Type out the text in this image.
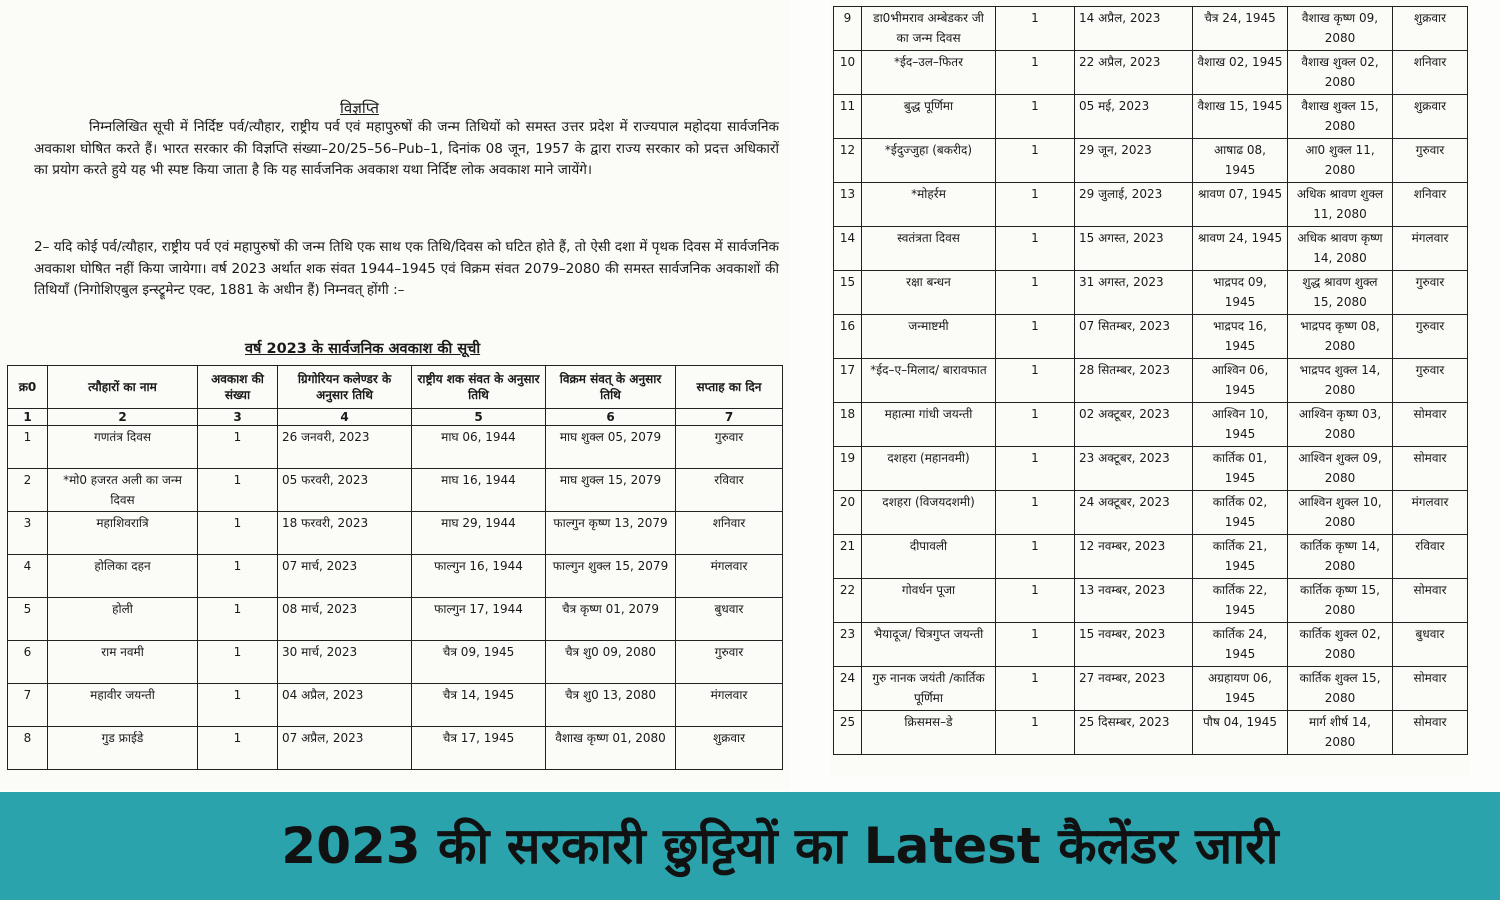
विज्ञप्ति
निम्नलिखित सूची में निर्दिष्ट पर्व/त्यौहार, राष्ट्रीय पर्व एवं महापुरुषों की जन्म तिथियों को समस्त उत्तर प्रदेश में राज्यपाल महोदया सार्वजनिक अवकाश घोषित करते हैं। भारत सरकार की विज्ञप्ति संख्या–20/25–56–Pub–1, दिनांक 08 जून, 1957 के द्वारा राज्य सरकार को प्रदत्त अधिकारों का प्रयोग करते हुये यह भी स्पष्ट किया जाता है कि यह सार्वजनिक अवकाश यथा निर्दिष्ट लोक अवकाश माने जायेंगे।
2– यदि कोई पर्व/त्यौहार, राष्ट्रीय पर्व एवं महापुरुषों की जन्म तिथि एक साथ एक तिथि/दिवस को घटित होते हैं, तो ऐसी दशा में पृथक दिवस में सार्वजनिक अवकाश घोषित नहीं किया जायेगा। वर्ष 2023 अर्थात शक संवत 1944–1945 एवं विक्रम संवत 2079–2080 की समस्त सार्वजनिक अवकाशों की तिथियाँ (निगोशिएबुल इन्स्ट्रूमेन्ट एक्ट, 1881 के अधीन हैं) निम्नवत् होंगी :–
वर्ष 2023 के सार्वजनिक अवकाश की सूची
क्र0	त्यौहारों का नाम	अवकाश की संख्या	ग्रिगोरियन कलेण्डर के अनुसार तिथि	राष्ट्रीय शक संवत के अनुसार तिथि	विक्रम संवत् के अनुसार तिथि	सप्ताह का दिन
1	2	3	4	5	6	7
1	गणतंत्र दिवस	1	26 जनवरी, 2023	माघ 06, 1944	माघ शुक्ल 05, 2079	गुरुवार
2	*मो0 हजरत अली का जन्म दिवस	1	05 फरवरी, 2023	माघ 16, 1944	माघ शुक्ल 15, 2079	रविवार
3	महाशिवरात्रि	1	18 फरवरी, 2023	माघ 29, 1944	फाल्गुन कृष्ण 13, 2079	शनिवार
4	होलिका दहन	1	07 मार्च, 2023	फाल्गुन 16, 1944	फाल्गुन शुक्ल 15, 2079	मंगलवार
5	होली	1	08 मार्च, 2023	फाल्गुन 17, 1944	चैत्र कृष्ण 01, 2079	बुधवार
6	राम नवमी	1	30 मार्च, 2023	चैत्र 09, 1945	चैत्र शु0 09, 2080	गुरुवार
7	महावीर जयन्ती	1	04 अप्रैल, 2023	चैत्र 14, 1945	चैत्र शु0 13, 2080	मंगलवार
8	गुड फ्राईडे	1	07 अप्रैल, 2023	चैत्र 17, 1945	वैशाख कृष्ण 01, 2080	शुक्रवार
9	डा0भीमराव अम्बेडकर जी का जन्म दिवस	1	14 अप्रैल, 2023	चैत्र 24, 1945	वैशाख कृष्ण 09, 2080	शुक्रवार
10	*ईद–उल–फितर	1	22 अप्रैल, 2023	वैशाख 02, 1945	वैशाख शुक्ल 02, 2080	शनिवार
11	बुद्ध पूर्णिमा	1	05 मई, 2023	वैशाख 15, 1945	वैशाख शुक्ल 15, 2080	शुक्रवार
12	*ईदुज्जुहा (बकरीद)	1	29 जून, 2023	आषाढ 08, 1945	आ0 शुक्ल 11, 2080	गुरुवार
13	*मोहर्रम	1	29 जुलाई, 2023	श्रावण 07, 1945	अधिक श्रावण शुक्ल 11, 2080	शनिवार
14	स्वतंत्रता दिवस	1	15 अगस्त, 2023	श्रावण 24, 1945	अधिक श्रावण कृष्ण 14, 2080	मंगलवार
15	रक्षा बन्धन	1	31 अगस्त, 2023	भाद्रपद 09, 1945	शुद्ध श्रावण शुक्ल 15, 2080	गुरुवार
16	जन्माष्टमी	1	07 सितम्बर, 2023	भाद्रपद 16, 1945	भाद्रपद कृष्ण 08, 2080	गुरुवार
17	*ईद–ए–मिलाद/ बारावफात	1	28 सितम्बर, 2023	आश्विन 06, 1945	भाद्रपद शुक्ल 14, 2080	गुरुवार
18	महात्मा गांधी जयन्ती	1	02 अक्टूबर, 2023	आश्विन 10, 1945	आश्विन कृष्ण 03, 2080	सोमवार
19	दशहरा (महानवमी)	1	23 अक्टूबर, 2023	कार्तिक 01, 1945	आश्विन शुक्ल 09, 2080	सोमवार
20	दशहरा (विजयदशमी)	1	24 अक्टूबर, 2023	कार्तिक 02, 1945	आश्विन शुक्ल 10, 2080	मंगलवार
21	दीपावली	1	12 नवम्बर, 2023	कार्तिक 21, 1945	कार्तिक कृष्ण 14, 2080	रविवार
22	गोवर्धन पूजा	1	13 नवम्बर, 2023	कार्तिक 22, 1945	कार्तिक कृष्ण 15, 2080	सोमवार
23	भैयादूज/ चित्रगुप्त जयन्ती	1	15 नवम्बर, 2023	कार्तिक 24, 1945	कार्तिक शुक्ल 02, 2080	बुधवार
24	गुरु नानक जयंती /कार्तिक पूर्णिमा	1	27 नवम्बर, 2023	अग्रहायण 06, 1945	कार्तिक शुक्ल 15, 2080	सोमवार
25	क्रिसमस–डे	1	25 दिसम्बर, 2023	पौष 04, 1945	मार्ग शीर्ष 14, 2080	सोमवार
2023 की सरकारी छुट्टियों का Latest कैलेंडर जारी
